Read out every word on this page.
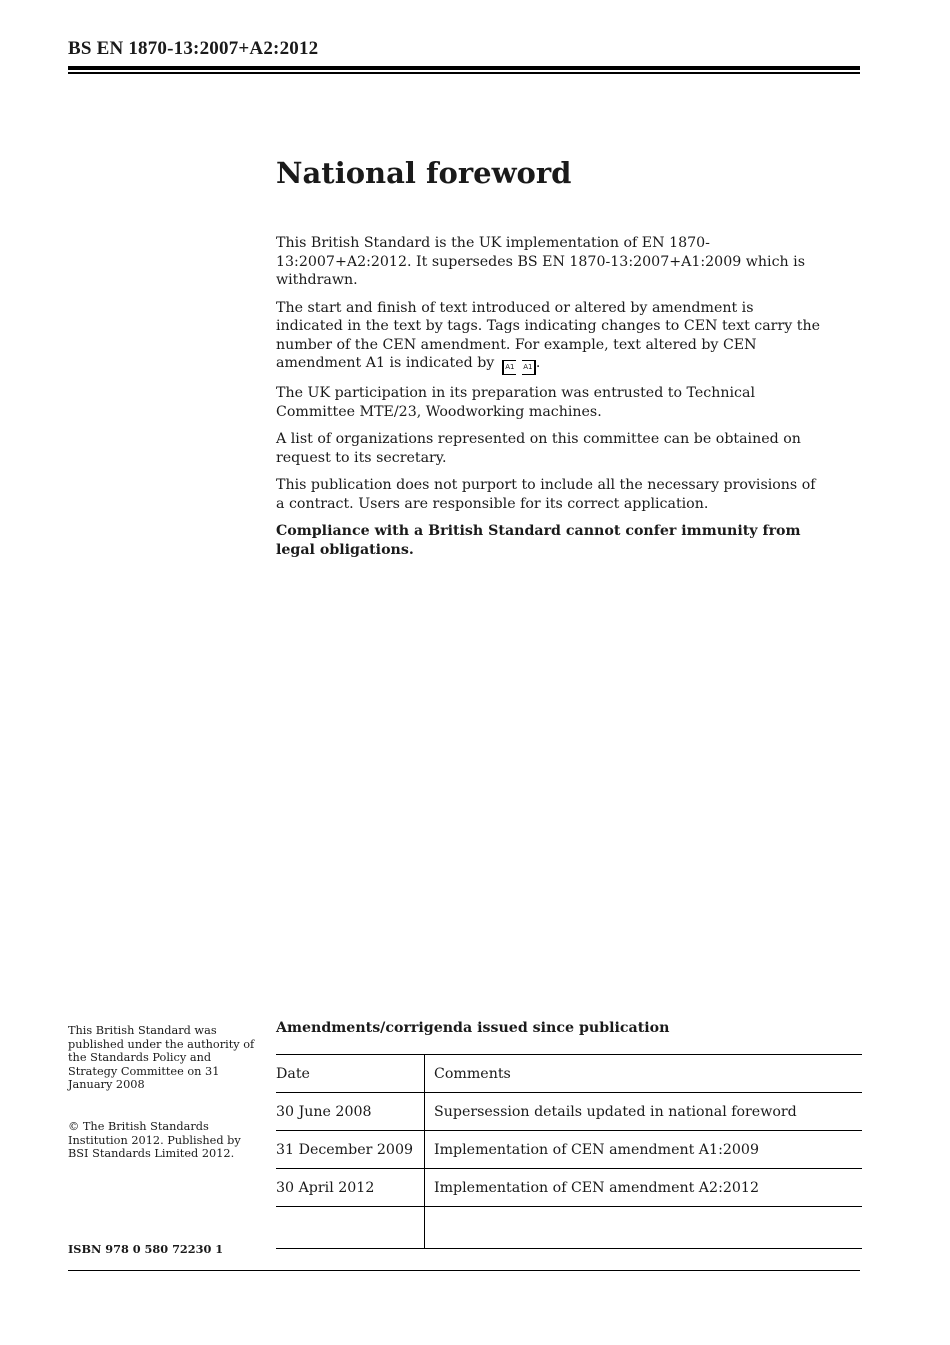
BS EN 1870-13:2007+A2:2012
National foreword

This British Standard is the UK implementation of EN 1870-13:2007+A2:2012. It supersedes BS EN 1870-13:2007+A1:2009 which is withdrawn.

The start and finish of text introduced or altered by amendment is indicated in the text by tags. Tags indicating changes to CEN text carry the number of the CEN amendment. For example, text altered by CEN amendment A1 is indicated by A1 A1 .

The UK participation in its preparation was entrusted to Technical Committee MTE/23, Woodworking machines.

A list of organizations represented on this committee can be obtained on request to its secretary.

This publication does not purport to include all the necessary provisions of a contract. Users are responsible for its correct application.

Compliance with a British Standard cannot confer immunity from legal obligations.

This British Standard was published under the authority of the Standards Policy and Strategy Committee on 31 January 2008
© The British Standards Institution 2012. Published by BSI Standards Limited 2012.
ISBN 978 0 580 72230 1
Amendments/corrigenda issued since publication
Date	Comments
30 June 2008	Supersession details updated in national foreword
31 December 2009	Implementation of CEN amendment A1:2009
30 April 2012	Implementation of CEN amendment A2:2012
